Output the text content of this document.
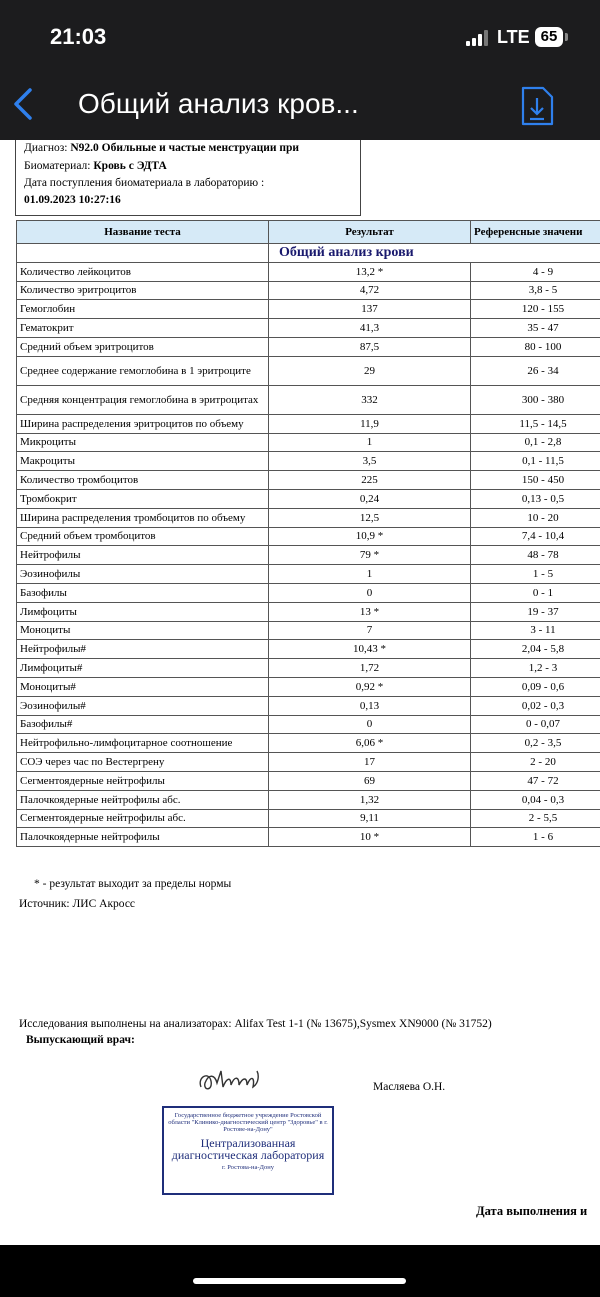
21:03	LTE 65
Общий анализ кров...
Диагноз: N92.0 Обильные и частые менструации при
Биоматериал: Кровь с ЭДТА
Дата поступления биоматериала в лабораторию :
01.09.2023 10:27:16
Название теста	Результат	Референсные значени
	Общий анализ крови	
Количество лейкоцитов	13,2 *	4 - 9
Количество эритроцитов	4,72	3,8 - 5
Гемоглобин	137	120 - 155
Гематокрит	41,3	35 - 47
Средний объем эритроцитов	87,5	80 - 100
Среднее содержание гемоглобина в 1 эритроците	29	26 - 34
Средняя концентрация гемоглобина в эритроцитах	332	300 - 380
Ширина распределения эритроцитов по объему	11,9	11,5 - 14,5
Микроциты	1	0,1 - 2,8
Макроциты	3,5	0,1 - 11,5
Количество тромбоцитов	225	150 - 450
Тромбокрит	0,24	0,13 - 0,5
Ширина распределения тромбоцитов по объему	12,5	10 - 20
Средний объем тромбоцитов	10,9 *	7,4 - 10,4
Нейтрофилы	79 *	48 - 78
Эозинофилы	1	1 - 5
Базофилы	0	0 - 1
Лимфоциты	13 *	19 - 37
Моноциты	7	3 - 11
Нейтрофилы#	10,43 *	2,04 - 5,8
Лимфоциты#	1,72	1,2 - 3
Моноциты#	0,92 *	0,09 - 0,6
Эозинофилы#	0,13	0,02 - 0,3
Базофилы#	0	0 - 0,07
Нейтрофильно-лимфоцитарное соотношение	6,06 *	0,2 - 3,5
СОЭ через час по Вестергрену	17	2 - 20
Сегментоядерные нейтрофилы	69	47 - 72
Палочкоядерные нейтрофилы абс.	1,32	0,04 - 0,3
Сегментоядерные нейтрофилы абс.	9,11	2 - 5,5
Палочкоядерные нейтрофилы	10 *	1 - 6
* - результат выходит за пределы нормы
Источник: ЛИС Акросс
Исследования выполнены на анализаторах: Alifax Test 1-1 (№ 13675),Sysmex XN9000 (№ 31752)
Выпускающий врач:
Масляева О.Н.
Государственное бюджетное учреждение Ростовской области "Клинико-диагностический центр "Здоровье" в г. Ростове-на-Дону"
Централизованная диагностическая лаборатория
г. Ростова-на-Дону
Дата выполнения и
